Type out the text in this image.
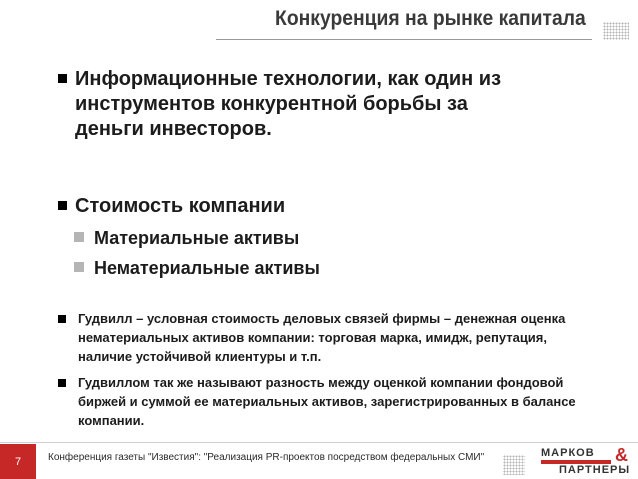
Конкуренция на рынке капитала
Информационные технологии, как один из инструментов конкурентной борьбы за деньги инвесторов.
Стоимость компании
Материальные активы
Нематериальные активы
Гудвилл – условная стоимость деловых связей фирмы – денежная оценка нематериальных активов компании: торговая марка, имидж, репутация, наличие устойчивой клиентуры и т.п.
Гудвиллом так же называют разность между оценкой компании фондовой биржей и суммой ее материальных активов, зарегистрированных в балансе компании.
7	Конференция газеты "Известия": "Реализация PR-проектов посредством федеральных СМИ"	МАРКОВ &
ПАРТНЕРЫ
